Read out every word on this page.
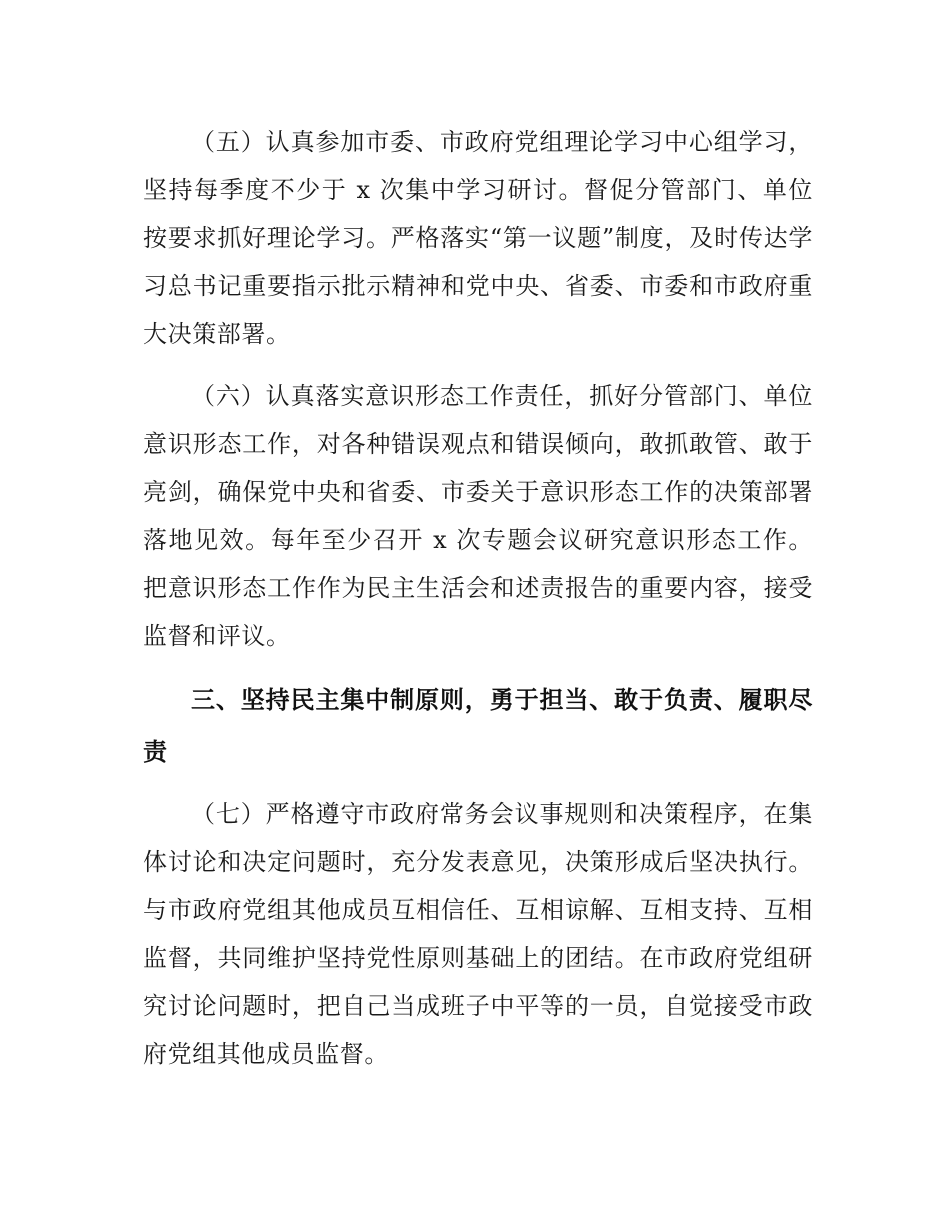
（五）认真参加市委、市政府党组理论学习中心组学习，坚持每季度不少于 x 次集中学习研讨。督促分管部门、单位按要求抓好理论学习。严格落实“第一议题”制度，及时传达学习总书记重要指示批示精神和党中央、省委、市委和市政府重大决策部署。

（六）认真落实意识形态工作责任，抓好分管部门、单位意识形态工作，对各种错误观点和错误倾向，敢抓敢管、敢于亮剑，确保党中央和省委、市委关于意识形态工作的决策部署落地见效。每年至少召开 x 次专题会议研究意识形态工作。把意识形态工作作为民主生活会和述责报告的重要内容，接受监督和评议。

三、坚持民主集中制原则，勇于担当、敢于负责、履职尽责

（七）严格遵守市政府常务会议事规则和决策程序，在集体讨论和决定问题时，充分发表意见，决策形成后坚决执行。与市政府党组其他成员互相信任、互相谅解、互相支持、互相监督，共同维护坚持党性原则基础上的团结。在市政府党组研究讨论问题时，把自己当成班子中平等的一员，自觉接受市政府党组其他成员监督。
